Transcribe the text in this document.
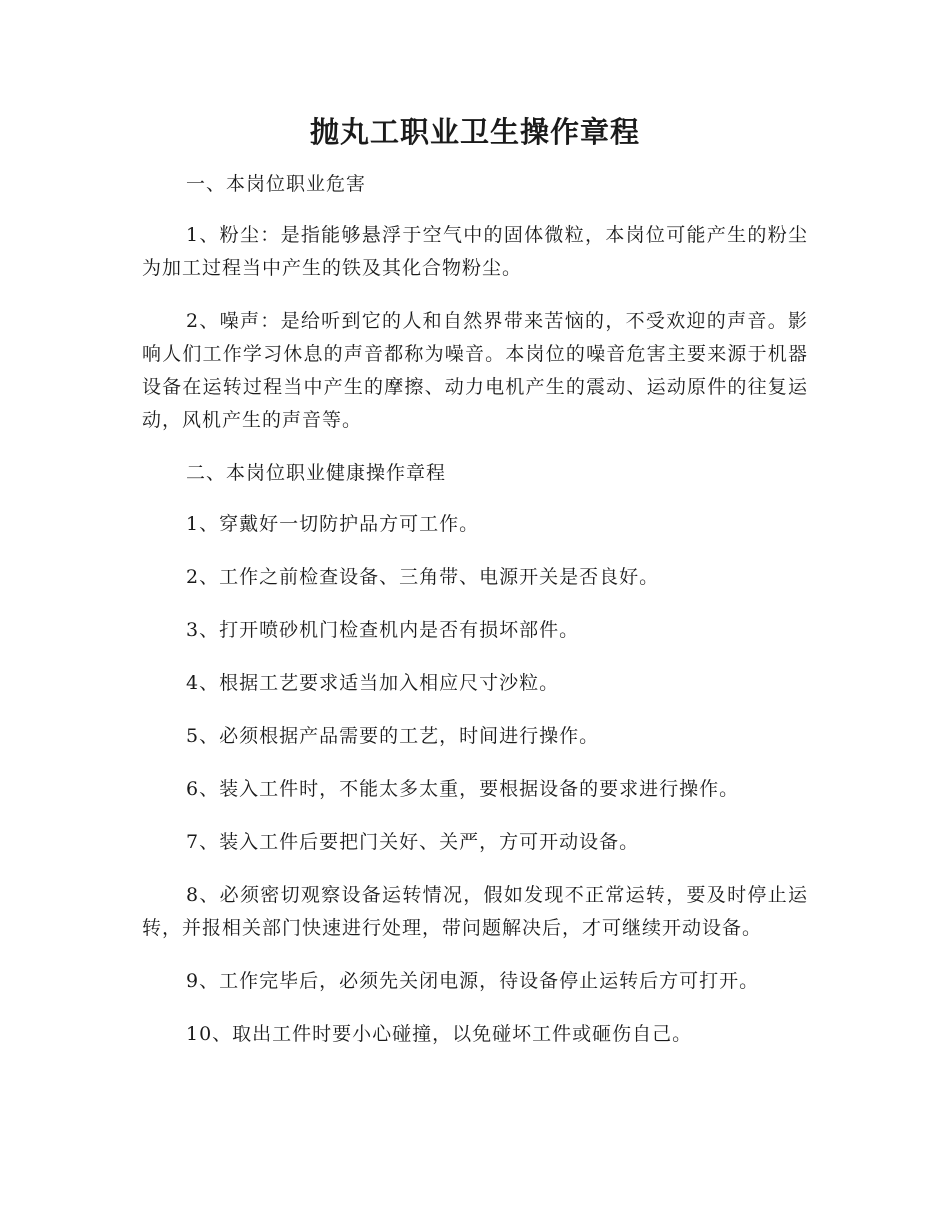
抛丸工职业卫生操作章程

一、本岗位职业危害

1、粉尘：是指能够悬浮于空气中的固体微粒，本岗位可能产生的粉尘为加工过程当中产生的铁及其化合物粉尘。

2、噪声：是给听到它的人和自然界带来苦恼的，不受欢迎的声音。影响人们工作学习休息的声音都称为噪音。本岗位的噪音危害主要来源于机器设备在运转过程当中产生的摩擦、动力电机产生的震动、运动原件的往复运动，风机产生的声音等。

二、本岗位职业健康操作章程

1、穿戴好一切防护品方可工作。

2、工作之前检查设备、三角带、电源开关是否良好。

3、打开喷砂机门检查机内是否有损坏部件。

4、根据工艺要求适当加入相应尺寸沙粒。

5、必须根据产品需要的工艺，时间进行操作。

6、装入工件时，不能太多太重，要根据设备的要求进行操作。

7、装入工件后要把门关好、关严，方可开动设备。

8、必须密切观察设备运转情况，假如发现不正常运转，要及时停止运转，并报相关部门快速进行处理，带问题解决后，才可继续开动设备。

9、工作完毕后，必须先关闭电源，待设备停止运转后方可打开。

10、取出工件时要小心碰撞，以免碰坏工件或砸伤自己。
